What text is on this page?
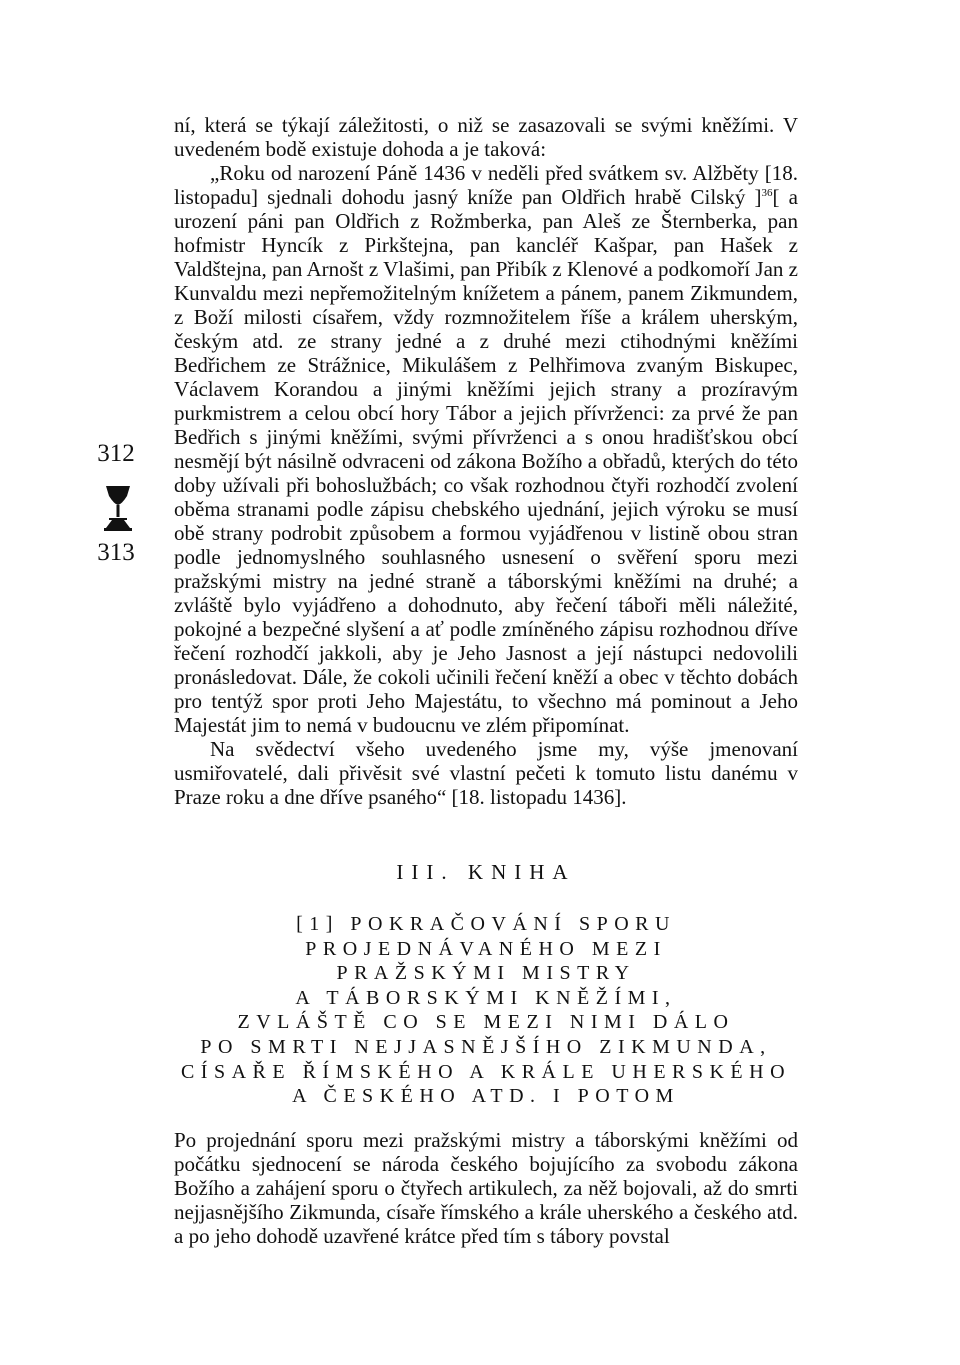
312
313

ní, která se týkají záležitosti, o niž se zasazovali se svými kněžími. V uvedeném bodě existuje dohoda a je taková:

„Roku od narození Páně 1436 v neděli před svátkem sv. Alžběty [18. listopadu] sjednali dohodu jasný kníže pan Oldřich hrabě Cilský ]$^{36}$[ a urození páni pan Oldřich z Rožmberka, pan Aleš ze Šternberka, pan hofmistr Hyncík z Pirkštejna, pan kancléř Kašpar, pan Hašek z Valdštejna, pan Arnošt z Vlašimi, pan Přibík z Klenové a podkomoří Jan z Kunvaldu mezi nepřemožitelným knížetem a pánem, panem Zikmundem, z Boží milosti císařem, vždy rozmnožitelem říše a králem uherským, českým atd. ze strany jedné a z druhé mezi ctihodnými kněžími Bedřichem ze Strážnice, Mikulášem z Pelhřimova zvaným Biskupec, Václavem Korandou a jinými kněžími jejich strany a prozíravým purkmistrem a celou obcí hory Tábor a jejich přívrženci: za prvé že pan Bedřich s jinými kněžími, svými přívrženci a s onou hradišťskou obcí nesmějí být násilně odvraceni od zákona Božího a obřadů, kterých do této doby užívali při bohoslužbách; co však rozhodnou čtyři rozhodčí zvolení oběma stranami podle zápisu chebského ujednání, jejich výroku se musí obě strany podrobit způsobem a formou vyjádřenou v listině obou stran podle jednomyslného souhlasného usnesení o svěření sporu mezi pražskými mistry na jedné straně a táborskými kněžími na druhé; a zvláště bylo vyjádřeno a dohodnuto, aby řečení tábořі měli náležité, pokojné a bezpečné slyšení a ať podle zmíněného zápisu rozhodnou dříve řečení rozhodčí jakkoli, aby je Jeho Jasnost a její nástupci nedovolili pronásledovat. Dále, že cokoli učinili řečení kněží a obec v těchto dobách pro tentýž spor proti Jeho Majestátu, to všechno má pominout a Jeho Majestát jim to nemá v budoucnu ve zlém připomínat.

Na svědectví všeho uvedeného jsme my, výše jmenovaní usmiřovatelé, dali přivěsit své vlastní pečeti k tomuto listu danému v Praze roku a dne dříve psaného“ [18. listopadu 1436].

III. KNIHA
[1] POKRAČOVÁNÍ SPORU
PROJEDNÁVANÉHO MEZI
PRAŽSKÝMI MISTRY
A TÁBORSKÝMI KNĚŽÍMI,
ZVLÁŠTĚ CO SE MEZI NIMI DÁLO
PO SMRTI NEJJASNĚJŠÍHO ZIKMUNDA,
CÍSAŘE ŘÍMSKÉHO A KRÁLE UHERSKÉHO
A ČESKÉHO ATD. I POTOM

Po projednání sporu mezi pražskými mistry a táborskými kněžími od počátku sjednocení se národa českého bojujícího za svobodu zákona Božího a zahájení sporu o čtyřech artikulech, za něž bojovali, až do smrti nejjasnějšího Zikmunda, císaře římského a krále uherského a českého atd. a po jeho dohodě uzavřené krátce před tím s tábory povstal
